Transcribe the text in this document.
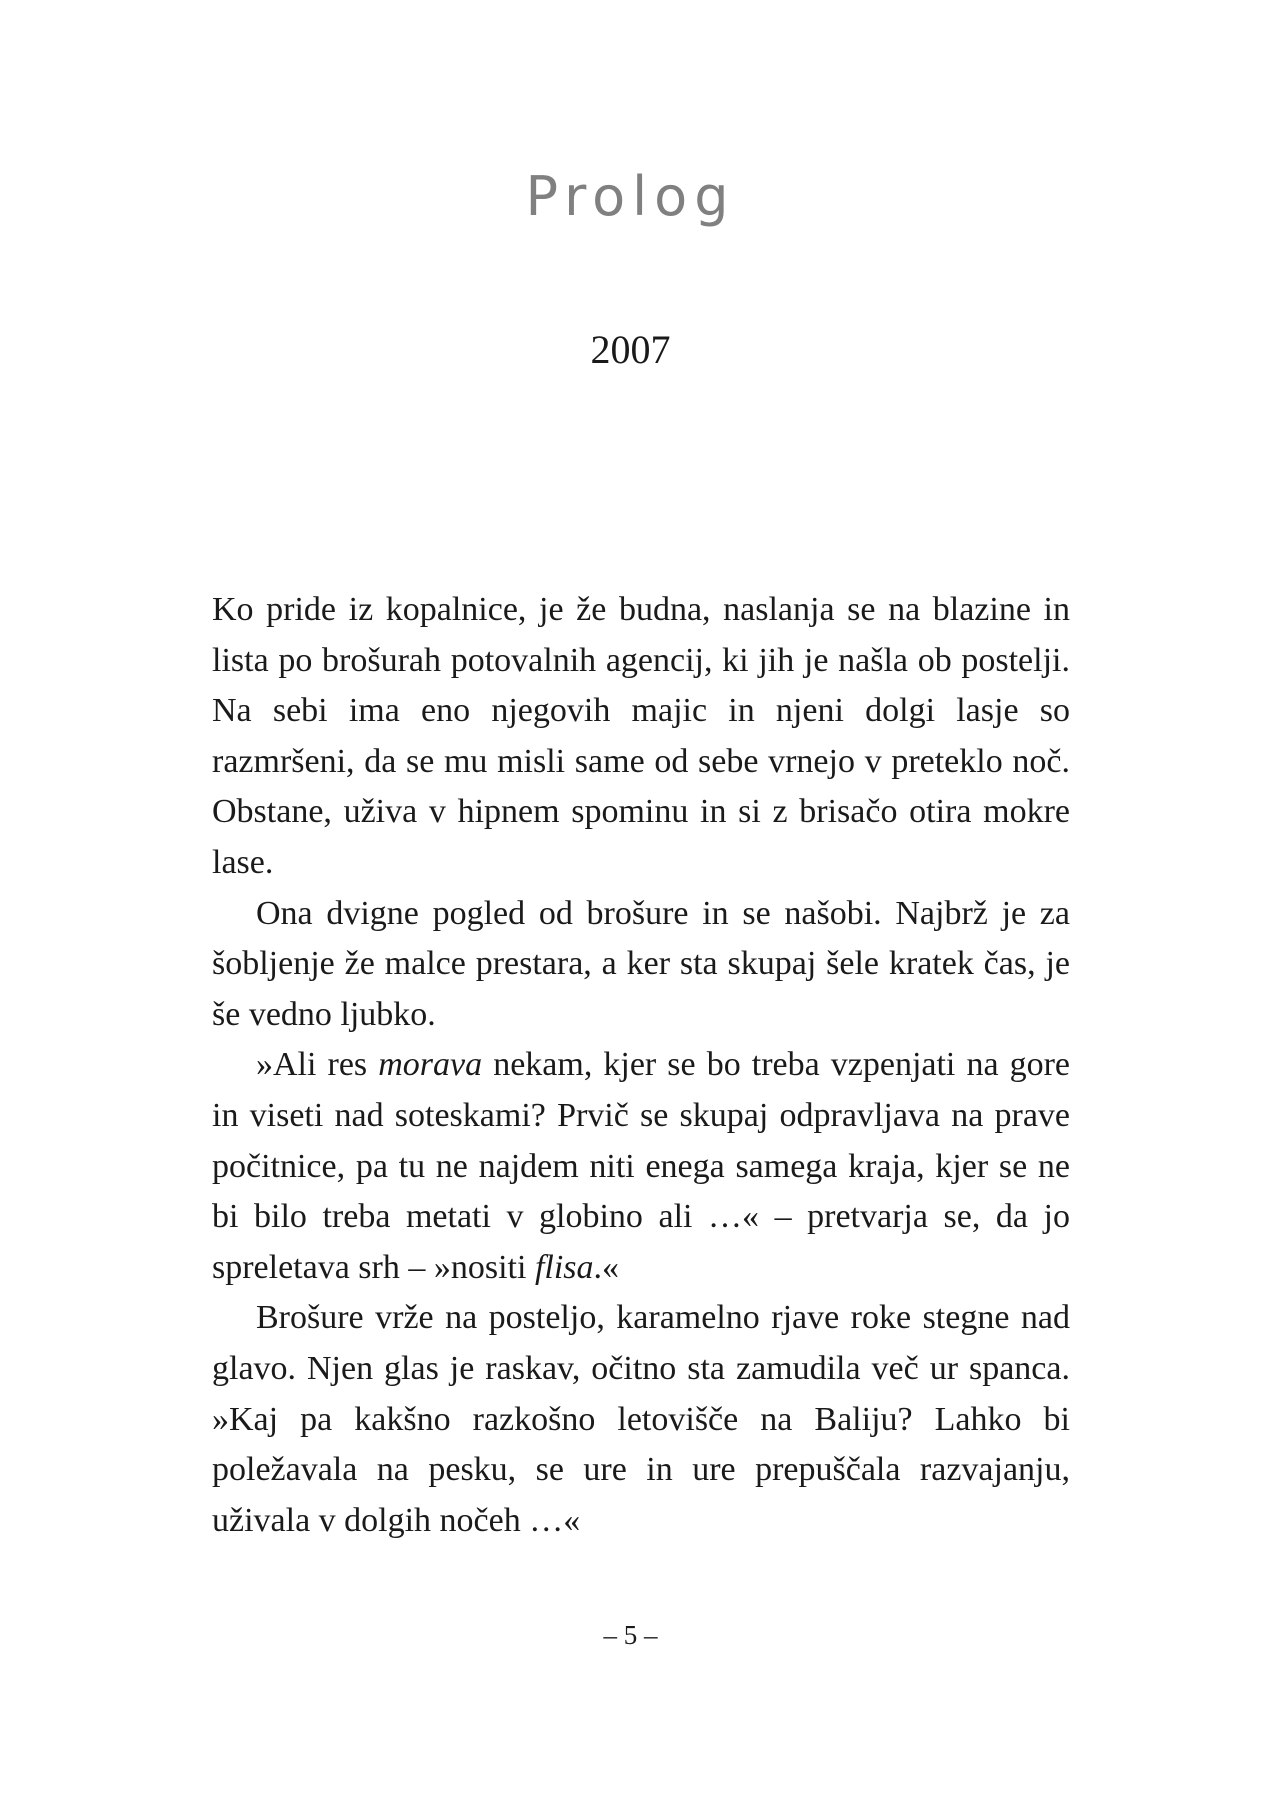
Prolog
2007

Ko pride iz kopalnice, je že budna, naslanja se na blazine in lista po brošurah potovalnih agencij, ki jih je našla ob postelji. Na sebi ima eno njegovih majic in njeni dolgi lasje so razmršeni, da se mu misli same od sebe vrnejo v preteklo noč. Obstane, uživa v hipnem spominu in si z brisačo otira mokre lase.

Ona dvigne pogled od brošure in se našobi. Najbrž je za šobljenje že malce prestara, a ker sta skupaj šele kratek čas, je še vedno ljubko.

»Ali res morava nekam, kjer se bo treba vzpenjati na gore in viseti nad soteskami? Prvič se skupaj odpravljava na prave počitnice, pa tu ne najdem niti enega samega kraja, kjer se ne bi bilo treba metati v globino ali …« – pretvarja se, da jo spreletava srh – »nositi flisa.«

Brošure vrže na posteljo, karamelno rjave roke stegne nad glavo. Njen glas je raskav, očitno sta zamudila več ur spanca. »Kaj pa kakšno razkošno letovišče na Baliju? Lahko bi poležavala na pesku, se ure in ure prepuščala razvajanju, uživala v dolgih nočeh …«

– 5 –
